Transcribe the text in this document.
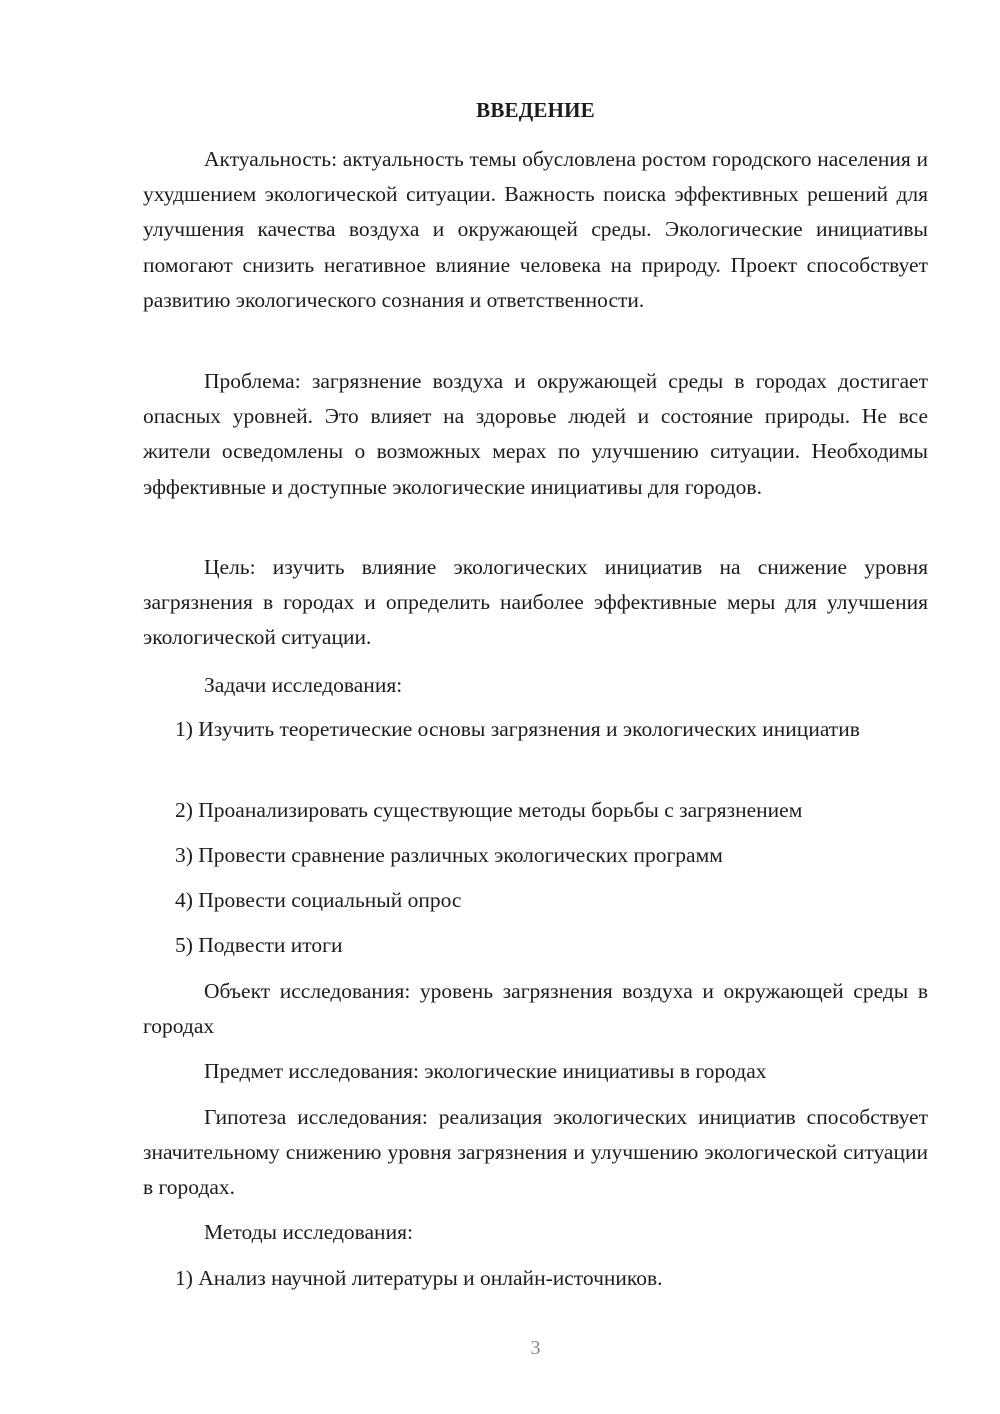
ВВЕДЕНИЕ
Актуальность: актуальность темы обусловлена ростом городского населения и ухудшением экологической ситуации. Важность поиска эффективных решений для улучшения качества воздуха и окружающей среды. Экологические инициативы помогают снизить негативное влияние человека на природу. Проект способствует развитию экологического сознания и ответственности.
Проблема: загрязнение воздуха и окружающей среды в городах достигает опасных уровней. Это влияет на здоровье людей и состояние природы. Не все жители осведомлены о возможных мерах по улучшению ситуации. Необходимы эффективные и доступные экологические инициативы для городов.
Цель: изучить влияние экологических инициатив на снижение уровня загрязнения в городах и определить наиболее эффективные меры для улучшения экологической ситуации.
Задачи исследования:
1) Изучить теоретические основы загрязнения и экологических инициатив
2) Проанализировать существующие методы борьбы с загрязнением
3) Провести сравнение различных экологических программ
4) Провести социальный опрос
5) Подвести итоги
Объект исследования: уровень загрязнения воздуха и окружающей среды в городах
Предмет исследования: экологические инициативы в городах
Гипотеза исследования: реализация экологических инициатив способствует значительному снижению уровня загрязнения и улучшению экологической ситуации в городах.
Методы исследования:
1) Анализ научной литературы и онлайн-источников.
3
